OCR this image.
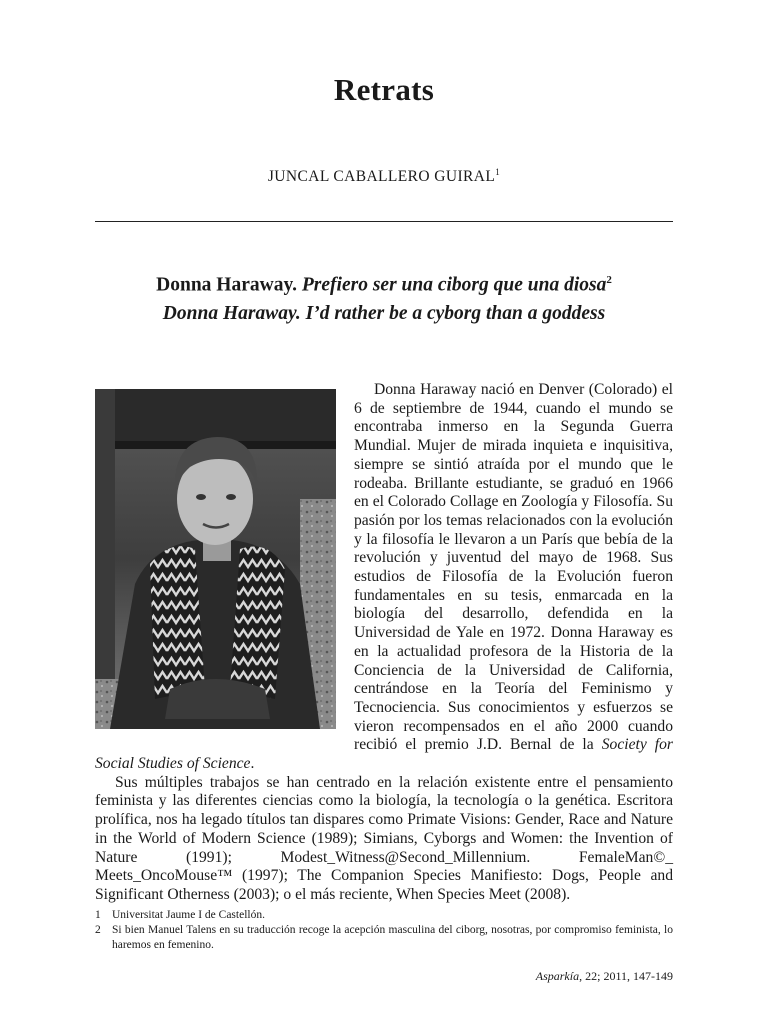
Retrats
JUNCAL CABALLERO GUIRAL$^1$
Donna Haraway. Prefiero ser una ciborg que una diosa$^2$
Donna Haraway. I’d rather be a cyborg than a goddess

Donna Haraway nació en Denver (Colorado) el 6 de septiembre de 1944, cuando el mundo se encontraba inmerso en la Segunda Guerra Mundial. Mujer de mirada inquieta e inquisitiva, siempre se sintió atraída por el mundo que le rodeaba. Brillante estudiante, se graduó en 1966 en el Colorado Collage en Zoología y Filosofía. Su pasión por los temas relacionados con la evolución y la filosofía le llevaron a un París que bebía de la revolución y juventud del mayo de 1968. Sus estudios de Filosofía de la Evolución fueron fundamentales en su tesis, enmarcada en la biología del desarrollo, defendida en la Universidad de Yale en 1972. Donna Haraway es en la actualidad profesora de la Historia de la Conciencia de la Universidad de California, centrándose en la Teoría del Feminismo y Tecnociencia. Sus conocimientos y esfuerzos se vieron recompensados en el año 2000 cuando recibió el premio J.D. Bernal de la Society for Social Studies of Science.

Sus múltiples trabajos se han centrado en la relación existente entre el pensamiento feminista y las diferentes ciencias como la biología, la tecnología o la genética. Escritora prolífica, nos ha legado títulos tan dispares como Primate Visions: Gender, Race and Nature in the World of Modern Science (1989); Simians, Cyborgs and Women: the Invention of Nature (1991); Modest_Witness@Second_Millennium. FemaleMan©_ Meets_OncoMouse™ (1997); The Companion Species Manifiesto: Dogs, People and Significant Otherness (2003); o el más reciente, When Species Meet (2008).

1 Universitat Jaume I de Castellón.
2 Si bien Manuel Talens en su traducción recoge la acepción masculina del ciborg, nosotras, por compromiso feminista, lo haremos en femenino.
Asparkía, 22; 2011, 147-149
